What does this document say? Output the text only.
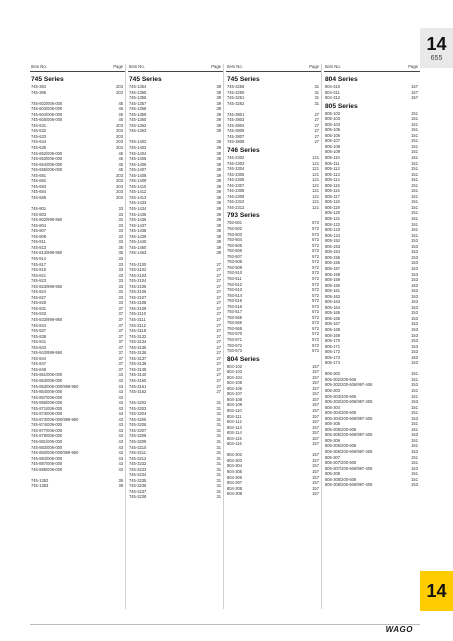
14
655
Item No.	Page
745 Series
745-384	203
745-385	203
745-602/006-000	45
745-603/006-000	45
745-604/006-000	45
745-605/006-000	45
745-631	203
745-632	203
745-633	203
745-634	203
745-635	203
745-652/006-000	45
745-653/006-000	45
745-654/006-000	45
745-655/006-000	45
745-681	203
745-682	203
745-683	203
745-684	203
745-685	203
745-801	33
745-803	33
745-802/999-950	33
745-804	33
745-807	33
745-808	33
745-811	33
745-813	35
745-813/999-950	35
745-814	33
745-817	33
745-818	33
745-821	33
745-823	33
745-823/999-950	33
745-824	33
745-827	33
745-828	33
745-831	37
745-833	37
745-833/999-950	37
745-834	37
745-837	37
745-838	37
745-841	37
745-843	37
745-843/999-950	37
745-844	37
745-847	37
745-848	37
745-851/006-000	43
745-853/006-000	43
745-853/006-000/999-950	43
745-854/006-000	43
745-857/006-000	43
745-858/006-000	43
745-871/006-000	43
745-873/006-000	43
745-873/006-000/999-950	43
745-874/006-000	43
745-877/006-000	43
745-878/006-000	43
745-881/006-000	43
745-883/006-000	43
745-883/006-000/999-950	43
745-884/006-000	43
745-887/006-000	43
745-888/006-000	43
745-1352	39
745-1353	39
Item No.	Page
745 Series
745-1354	39
745-1355	39
745-1356	39
745-1357	39
745-1358	39
745-1359	39
745-1360	39
745-1362	39
745-1363	39
745-1402	39
745-1403	39
745-1404	39
745-1405	39
745-1406	39
745-1407	39
745-1408	39
745-1409	39
745-1410	39
745-1412	39
745-1413	39
745-1433	39
745-1434	39
745-1435	39
745-1436	39
745-1437	39
745-1438	39
745-1439	39
745-1440	39
745-1460	39
745-1463	39
745-2100	27
745-2102	27
745-2103	27
745-2104	27
745-2105	27
745-2106	27
745-2107	27
745-2108	27
745-2109	27
745-2110	27
745-3111	27
745-3112	27
745-3118	27
745-3132	27
745-3134	27
745-3135	27
745-3136	27
745-3137	27
745-3138	27
745-3139	27
745-3140	27
745-3160	27
745-3161	27
745-3162	27
745-3202	31
745-3203	31
745-3204	31
745-3205	31
745-3206	31
745-3207	31
745-3208	31
745-3209	31
745-3210	31
745-3211	31
745-3212	31
745-3232	31
745-3233	31
745-3234	31
745-3235	31
745-3236	31
745-3237	31
745-3238	31
Item No.	Page
745 Series
745-3259	31
745-3260	31
745-3261	31
745-3262	31
745-3801	27
745-3803	27
745-3804	27
745-3805	27
745-3807	27
745-3808	27
746 Series
746-2302	121
746-2303	121
746-2304	121
746-2305	121
746-2306	121
746-2307	121
746-2308	121
746-2309	121
746-2310	121
746-2312	121
793 Series
793-501	572
793-502	572
793-503	572
793-504	572
793-505	572
793-506	572
793-507	572
793-508	572
793-509	572
793-510	572
793-511	572
793-512	572
793-513	572
793-514	572
793-515	572
793-516	572
793-517	572
793-565	572
793-566	572
793-569	572
793-570	572
793-571	572
793-572	572
793-573	572
804 Series
804-102	157
804-103	157
804-104	157
804-105	157
804-106	157
804-107	157
804-108	157
804-109	157
804-110	157
804-111	157
804-112	157
804-113	157
804-114	157
804-115	157
804-116	157
804-302	157
804-303	157
804-304	157
804-305	157
804-306	157
804-307	157
804-308	157
804-309	157
Item No.	Page
804 Series
804-310	157
804-311	157
804-312	157
805 Series
805-102	151
805-103	151
805-104	151
805-105	151
805-106	151
805-107	151
805-108	151
805-109	151
805-110	151
805-111	151
805-112	151
805-113	151
805-114	151
805-115	151
805-116	151
805-117	151
805-118	151
805-119	151
805-120	151
805-121	151
805-122	151
805-123	151
805-124	151
805-152	153
805-153	153
805-154	153
805-155	153
805-156	153
805-157	153
805-158	153
805-159	153
805-160	153
805-161	153
805-162	153
805-163	153
805-164	153
805-165	153
805-166	153
805-167	153
805-168	153
805-169	153
805-170	153
805-171	153
805-172	153
805-173	153
805-174	153
805-302	151
805-302/200-606	151
805-302/200-606/997-406	153
805-303	151
805-303/200-606	151
805-303/200-606/997-405	153
805-304	151
805-304/200-606	151
805-304/200-606/997-405	153
805-305	151
805-305/200-606	151
805-305/200-606/997-405	153
805-306	151
805-306/200-606	151
805-306/200-606/997-405	153
805-307	151
805-307/200-606	151
805-307/200-606/997-406	153
805-308	151
805-308/200-606	151
805-308/200-606/997-406	153
14
WAGO
